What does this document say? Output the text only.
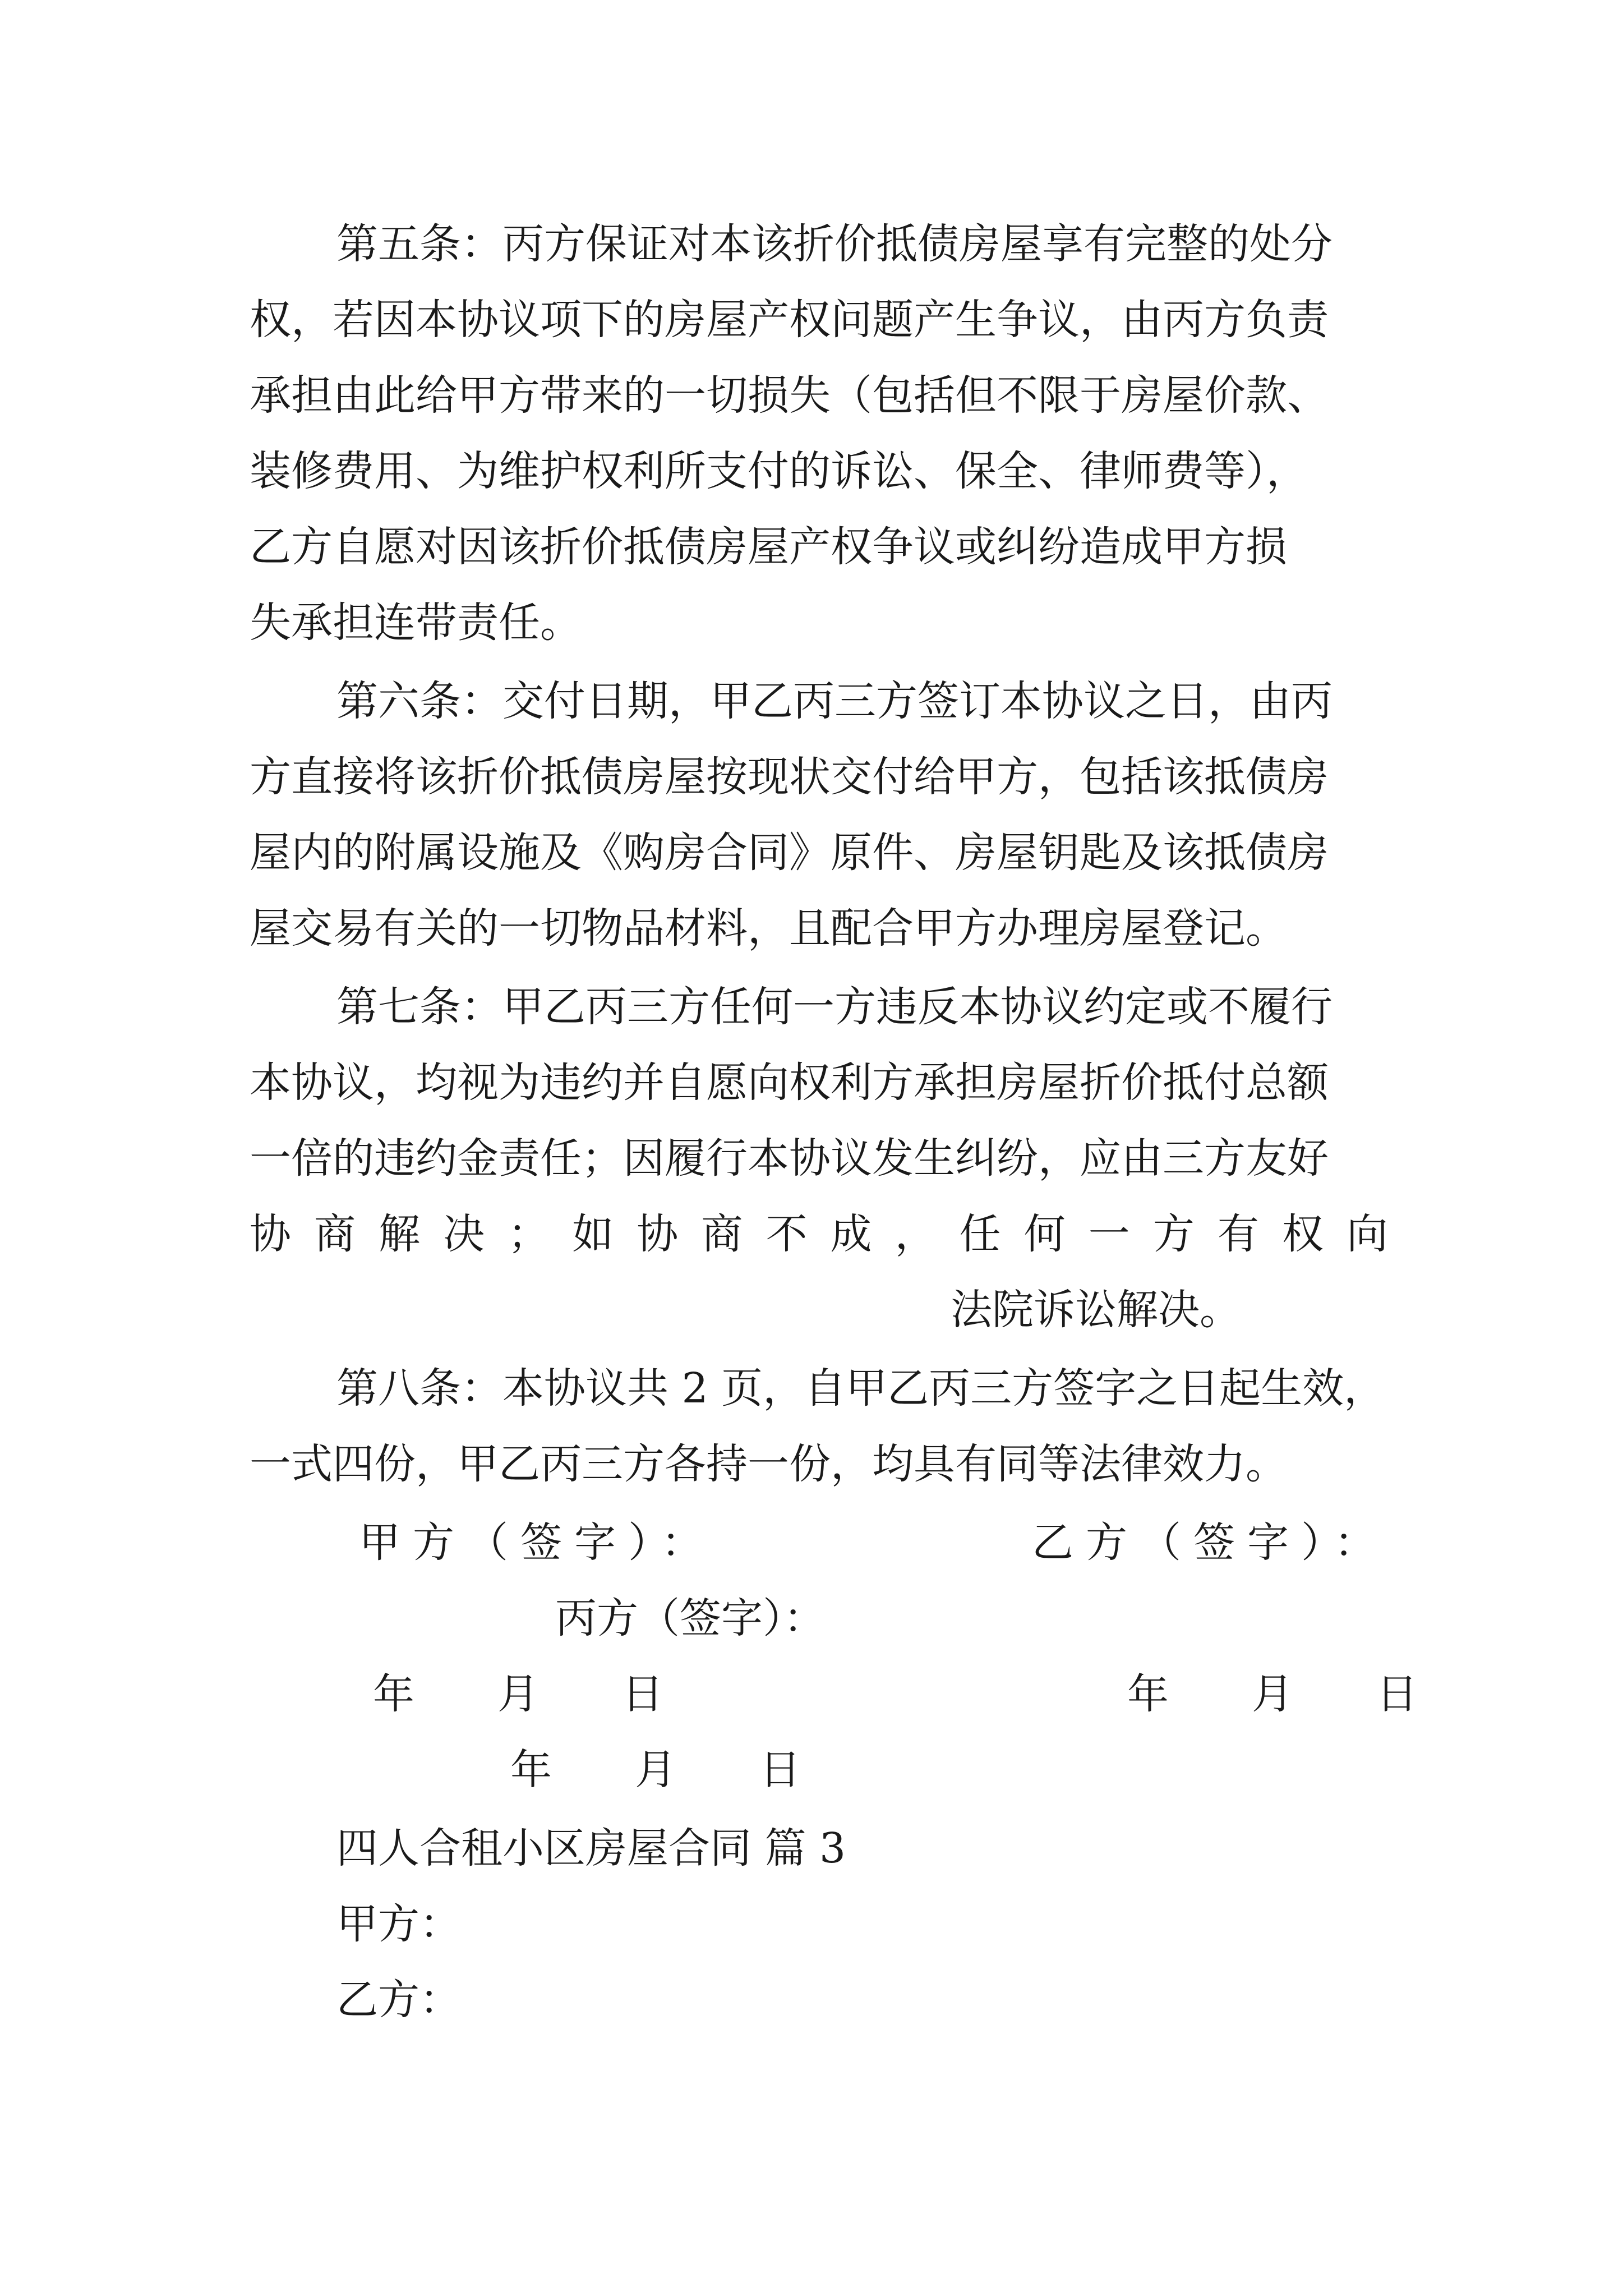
第五条：丙方保证对本该折价抵债房屋享有完整的处分

权，若因本协议项下的房屋产权问题产生争议，由丙方负责

承担由此给甲方带来的一切损失（包括但不限于房屋价款、

装修费用、为维护权利所支付的诉讼、保全、律师费等），

乙方自愿对因该折价抵债房屋产权争议或纠纷造成甲方损

失承担连带责任。

第六条：交付日期，甲乙丙三方签订本协议之日，由丙

方直接将该折价抵债房屋按现状交付给甲方，包括该抵债房

屋内的附属设施及《购房合同》原件、房屋钥匙及该抵债房

屋交易有关的一切物品材料，且配合甲方办理房屋登记。

第七条：甲乙丙三方任何一方违反本协议约定或不履行

本协议，均视为违约并自愿向权利方承担房屋折价抵付总额

一倍的违约金责任；因履行本协议发生纠纷，应由三方友好

协商解决；如协商不成，任何一方有权向

法院诉讼解决。

第八条：本协议共 2 页，自甲乙丙三方签字之日起生效，

一式四份，甲乙丙三方各持一份，均具有同等法律效力。

甲方（签字）：	乙方（签字）：

丙方（签字）：

年　　月　　日	年　　月　　日

年　　月　　日

四人合租小区房屋合同 篇 3

甲方：

乙方：
